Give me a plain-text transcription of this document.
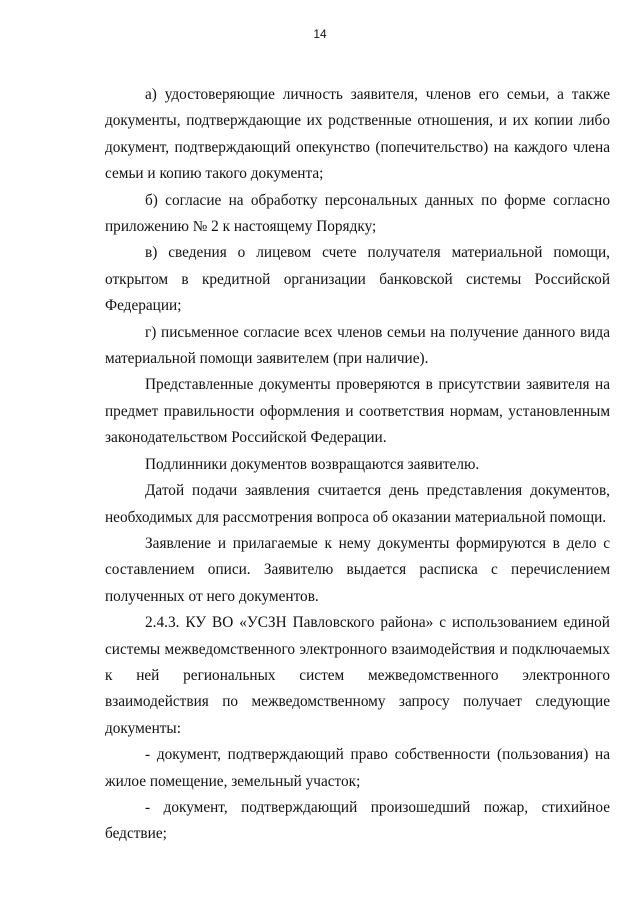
14

а) удостоверяющие личность заявителя, членов его семьи, а также документы, подтверждающие их родственные отношения, и их копии либо документ, подтверждающий опекунство (попечительство) на каждого члена семьи и копию такого документа;

б) согласие на обработку персональных данных по форме согласно приложению № 2 к настоящему Порядку;

в) сведения о лицевом счете получателя материальной помощи, открытом в кредитной организации банковской системы Российской Федерации;

г) письменное согласие всех членов семьи на получение данного вида материальной помощи заявителем (при наличие).

Представленные документы проверяются в присутствии заявителя на предмет правильности оформления и соответствия нормам, установленным законодательством Российской Федерации.

Подлинники документов возвращаются заявителю.

Датой подачи заявления считается день представления документов, необходимых для рассмотрения вопроса об оказании материальной помощи.

Заявление и прилагаемые к нему документы формируются в дело с составлением описи. Заявителю выдается расписка с перечислением полученных от него документов.

2.4.3. КУ ВО «УСЗН Павловского района» с использованием единой системы межведомственного электронного взаимодействия и подключаемых к ней региональных систем межведомственного электронного взаимодействия по межведомственному запросу получает следующие документы:

- документ, подтверждающий право собственности (пользования) на жилое помещение, земельный участок;

- документ, подтверждающий произошедший пожар, стихийное бедствие;
